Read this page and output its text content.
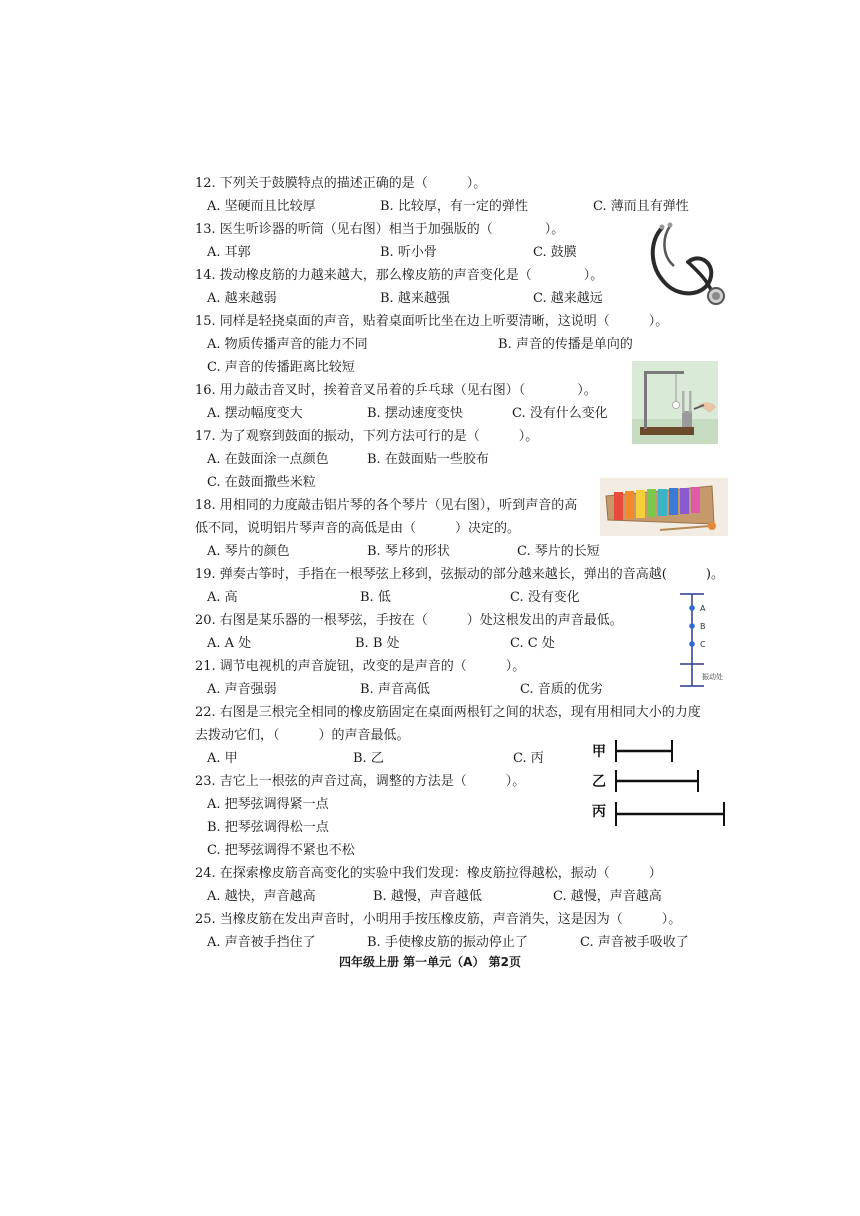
12. 下列关于鼓膜特点的描述正确的是（　　　）。
A. 坚硬而且比较厚	B. 比较厚，有一定的弹性	C. 薄而且有弹性
13. 医生听诊器的听筒（见右图）相当于加强版的（　　　　）。
A. 耳郭	B. 听小骨	C. 鼓膜
14. 拨动橡皮筋的力越来越大，那么橡皮筋的声音变化是（　　　　）。
A. 越来越弱	B. 越来越强	C. 越来越远
15. 同样是轻挠桌面的声音，贴着桌面听比坐在边上听要清晰，这说明（　　　）。
A. 物质传播声音的能力不同	B. 声音的传播是单向的
C. 声音的传播距离比较短
16. 用力敲击音叉时，挨着音叉吊着的乒乓球（见右图）（　　　　）。
A. 摆动幅度变大	B. 摆动速度变快	C. 没有什么变化
17. 为了观察到鼓面的振动，下列方法可行的是（　　　）。
A. 在鼓面涂一点颜色	B. 在鼓面贴一些胶布
C. 在鼓面撒些米粒
18. 用相同的力度敲击铝片琴的各个琴片（见右图），听到声音的高
低不同，说明铝片琴声音的高低是由（　　　）决定的。
A. 琴片的颜色	B. 琴片的形状	C. 琴片的长短
19. 弹奏古筝时，手指在一根琴弦上移到，弦振动的部分越来越长，弹出的音高越(　　　)。
A. 高	B. 低	C. 没有变化
20. 右图是某乐器的一根琴弦，手按在（　　　）处这根发出的声音最低。
A. A 处	B. B 处	C. C 处
21. 调节电视机的声音旋钮，改变的是声音的（　　　）。
A. 声音强弱	B. 声音高低	C. 音质的优劣
22. 右图是三根完全相同的橡皮筋固定在桌面两根钉之间的状态，现有用相同大小的力度
去拨动它们，（　　　）的声音最低。
A. 甲	B. 乙	C. 丙
23. 吉它上一根弦的声音过高，调整的方法是（　　　）。
A. 把琴弦调得紧一点
B. 把琴弦调得松一点
C. 把琴弦调得不紧也不松
24. 在探索橡皮筋音高变化的实验中我们发现：橡皮筋拉得越松，振动（　　　）
A. 越快，声音越高	B. 越慢，声音越低	C. 越慢，声音越高
25. 当橡皮筋在发出声音时，小明用手按压橡皮筋，声音消失，这是因为（　　　）。
A. 声音被手挡住了	B. 手使橡皮筋的振动停止了	C. 声音被手吸收了
四年级上册 第一单元（A） 第2页
A
B
C
振动处
甲
乙
丙
